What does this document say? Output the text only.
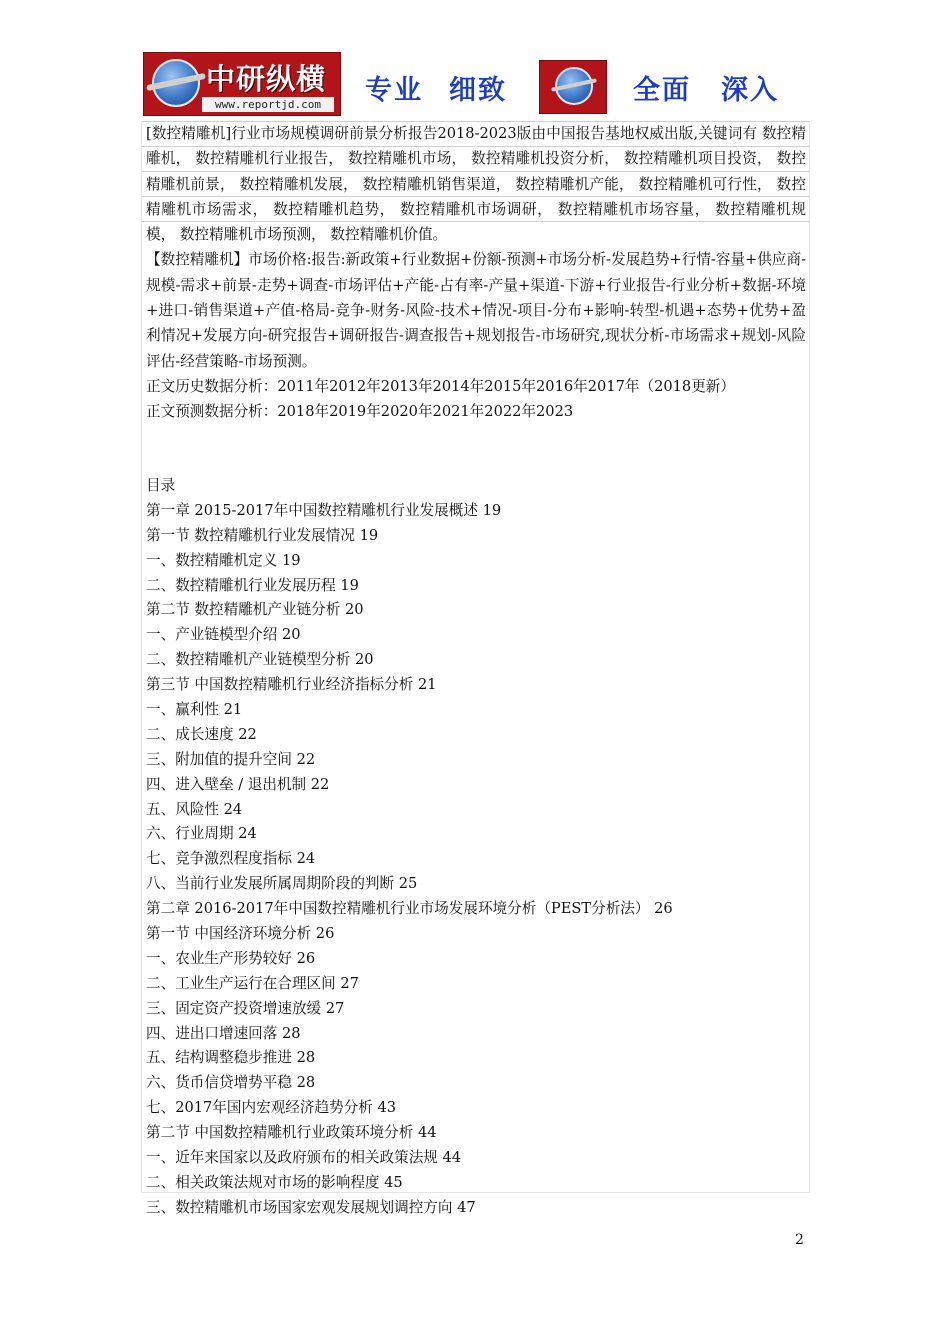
中研纵横
www.reportjd.com	专业 细致	全面 深入

[数控精雕机]行业市场规模调研前景分析报告2018-2023版由中国报告基地权威出版,关键词有 数控精雕机， 数控精雕机行业报告， 数控精雕机市场， 数控精雕机投资分析， 数控精雕机项目投资， 数控精雕机前景， 数控精雕机发展， 数控精雕机销售渠道， 数控精雕机产能， 数控精雕机可行性， 数控精雕机市场需求， 数控精雕机趋势， 数控精雕机市场调研， 数控精雕机市场容量， 数控精雕机规模， 数控精雕机市场预测， 数控精雕机价值。

【数控精雕机】市场价格:报告:新政策+行业数据+份额-预测+市场分析-发展趋势+行情-容量+供应商-规模-需求+前景-走势+调查-市场评估+产能-占有率-产量+渠道-下游+行业报告-行业分析+数据-环境+进口-销售渠道+产值-格局-竞争-财务-风险-技术+情况-项目-分布+影响-转型-机遇+态势+优势+盈利情况+发展方向-研究报告+调研报告-调查报告+规划报告-市场研究,现状分析-市场需求+规划-风险评估-经营策略-市场预测。

正文历史数据分析：2011年2012年2013年2014年2015年2016年2017年（2018更新）

正文预测数据分析：2018年2019年2020年2021年2022年2023

目录
第一章 2015-2017年中国数控精雕机行业发展概述 19
第一节 数控精雕机行业发展情况 19
一、数控精雕机定义 19
二、数控精雕机行业发展历程 19
第二节 数控精雕机产业链分析 20
一、产业链模型介绍 20
二、数控精雕机产业链模型分析 20
第三节 中国数控精雕机行业经济指标分析 21
一、赢利性 21
二、成长速度 22
三、附加值的提升空间 22
四、进入壁垒 / 退出机制 22
五、风险性 24
六、行业周期 24
七、竞争激烈程度指标 24
八、当前行业发展所属周期阶段的判断 25
第二章 2016-2017年中国数控精雕机行业市场发展环境分析（PEST分析法） 26
第一节 中国经济环境分析 26
一、农业生产形势较好 26
二、工业生产运行在合理区间 27
三、固定资产投资增速放缓 27
四、进出口增速回落 28
五、结构调整稳步推进 28
六、货币信贷增势平稳 28
七、2017年国内宏观经济趋势分析 43
第二节 中国数控精雕机行业政策环境分析 44
一、近年来国家以及政府颁布的相关政策法规 44
二、相关政策法规对市场的影响程度 45
三、数控精雕机市场国家宏观发展规划调控方向 47
2
